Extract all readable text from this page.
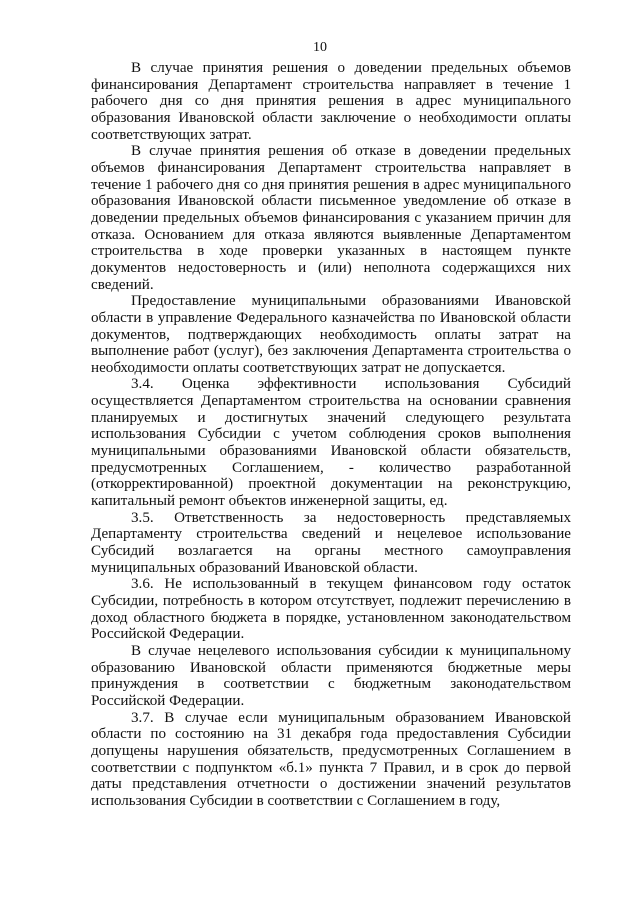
10

В случае принятия решения о доведении предельных объемов финансирования Департамент строительства направляет в течение 1 рабочего дня со дня принятия решения в адрес муниципального образования Ивановской области заключение о необходимости оплаты соответствующих затрат.

В случае принятия решения об отказе в доведении предельных объемов финансирования Департамент строительства направляет в течение 1 рабочего дня со дня принятия решения в адрес муниципального образования Ивановской области письменное уведомление об отказе в доведении предельных объемов финансирования с указанием причин для отказа. Основанием для отказа являются выявленные Департаментом строительства в ходе проверки указанных в настоящем пункте документов недостоверность и (или) неполнота содержащихся них сведений.

Предоставление муниципальными образованиями Ивановской области в управление Федерального казначейства по Ивановской области документов, подтверждающих необходимость оплаты затрат на выполнение работ (услуг), без заключения Департамента строительства о необходимости оплаты соответствующих затрат не допускается.

3.4. Оценка эффективности использования Субсидий осуществляется Департаментом строительства на основании сравнения планируемых и достигнутых значений следующего результата использования Субсидии с учетом соблюдения сроков выполнения муниципальными образованиями Ивановской области обязательств, предусмотренных Соглашением, - количество разработанной (откорректированной) проектной документации на реконструкцию, капитальный ремонт объектов инженерной защиты, ед.

3.5. Ответственность за недостоверность представляемых Департаменту строительства сведений и нецелевое использование Субсидий возлагается на органы местного самоуправления муниципальных образований Ивановской области.

3.6. Не использованный в текущем финансовом году остаток Субсидии, потребность в котором отсутствует, подлежит перечислению в доход областного бюджета в порядке, установленном законодательством Российской Федерации.

В случае нецелевого использования субсидии к муниципальному образованию Ивановской области применяются бюджетные меры принуждения в соответствии с бюджетным законодательством Российской Федерации.

3.7. В случае если муниципальным образованием Ивановской области по состоянию на 31 декабря года предоставления Субсидии допущены нарушения обязательств, предусмотренных Соглашением в соответствии с подпунктом «б.1» пункта 7 Правил, и в срок до первой даты представления отчетности о достижении значений результатов использования Субсидии в соответствии с Соглашением в году,
